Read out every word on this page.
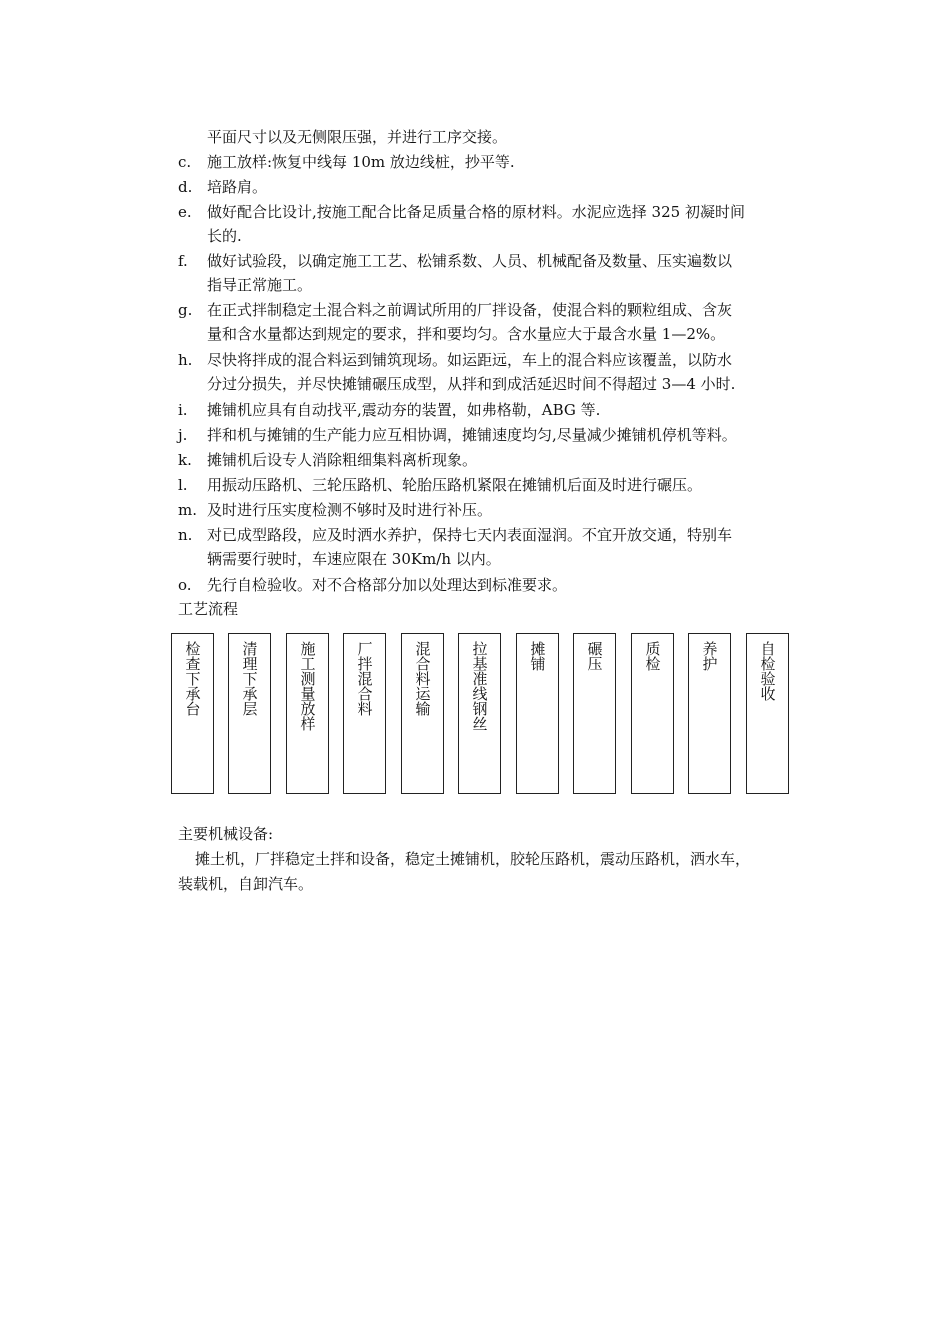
平面尺寸以及无侧限压强，并进行工序交接。
c. 施工放样:恢复中线每 10m 放边线桩，抄平等.
d. 培路肩。
e. 做好配合比设计,按施工配合比备足质量合格的原材料。水泥应选择 325 初凝时间
长的.
f. 做好试验段，以确定施工工艺、松铺系数、人员、机械配备及数量、压实遍数以
指导正常施工。
g. 在正式拌制稳定土混合料之前调试所用的厂拌设备，使混合料的颗粒组成、含灰
量和含水量都达到规定的要求，拌和要均匀。含水量应大于最含水量 1—2%。
h. 尽快将拌成的混合料运到铺筑现场。如运距远，车上的混合料应该覆盖，以防水
分过分损失，并尽快摊铺碾压成型，从拌和到成活延迟时间不得超过 3—4 小时.
i. 摊铺机应具有自动找平,震动夯的装置，如弗格勒，ABG 等.
j. 拌和机与摊铺的生产能力应互相协调，摊铺速度均匀,尽量减少摊铺机停机等料。
k. 摊铺机后设专人消除粗细集料离析现象。
l. 用振动压路机、三轮压路机、轮胎压路机紧限在摊铺机后面及时进行碾压。
m. 及时进行压实度检测不够时及时进行补压。
n. 对已成型路段，应及时洒水养护，保持七天内表面湿润。不宜开放交通，特别车
辆需要行驶时，车速应限在 30Km/h 以内。
o. 先行自检验收。对不合格部分加以处理达到标准要求。
工艺流程
检查下承台	清理下承层	施工测量放样	厂拌混合料	混合料运输	拉基准线钢丝	摊铺	碾压	质检	养护	自检验收
主要机械设备:
摊土机，厂拌稳定土拌和设备，稳定土摊铺机，胶轮压路机，震动压路机，洒水车，
装载机，自卸汽车。
